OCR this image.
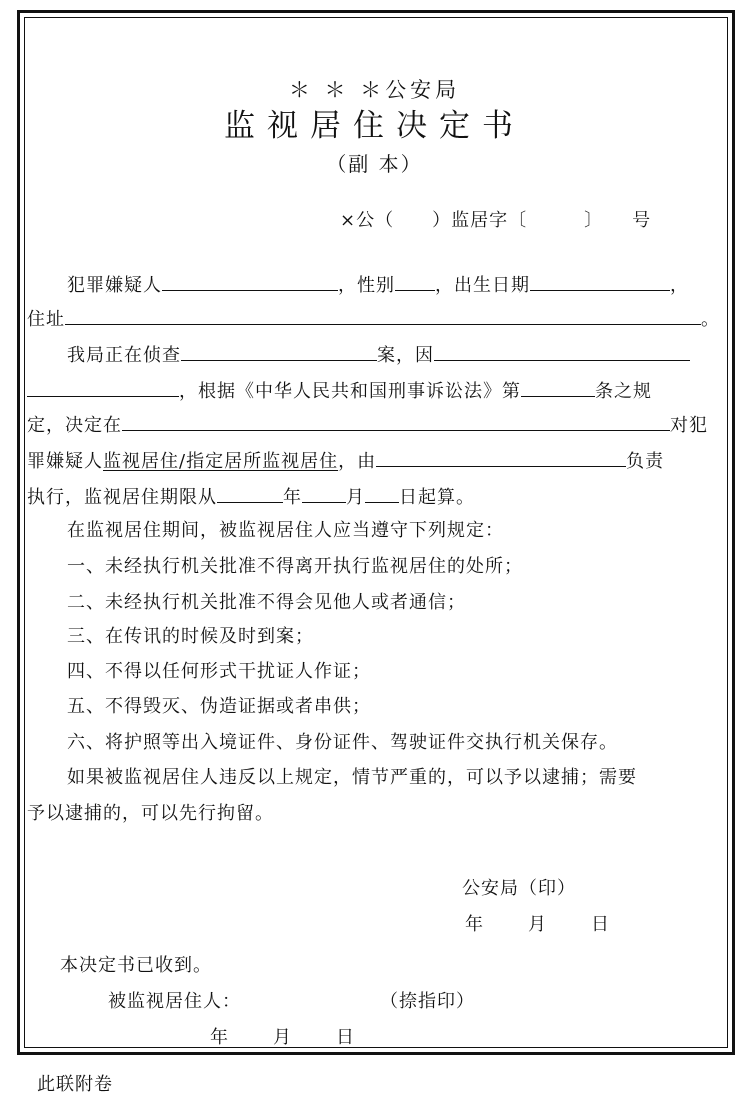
＊ ＊ ＊公安局
监视居住决定书
（副 本）
×公（　　）监居字〔　　　〕　　号
犯罪嫌疑人	，性别 ，出生日期	，
住址	。
我局正在侦查	案，因
，根据《中华人民共和国刑事诉讼法》第	条之规
定，决定在	对犯
罪嫌疑人监视居住/指定居所监视居住，由	负责
执行，监视居住期限从	年 月 日起算。
在监视居住期间，被监视居住人应当遵守下列规定：
一、未经执行机关批准不得离开执行监视居住的处所；
二、未经执行机关批准不得会见他人或者通信；
三、在传讯的时候及时到案；
四、不得以任何形式干扰证人作证；
五、不得毁灭、伪造证据或者串供；
六、将护照等出入境证件、身份证件、驾驶证件交执行机关保存。
如果被监视居住人违反以上规定，情节严重的，可以予以逮捕；需要
予以逮捕的，可以先行拘留。
公安局（印）
年　　月　　日
本决定书已收到。
被监视居住人：	（捺指印）
年　　月　　日
此联附卷
